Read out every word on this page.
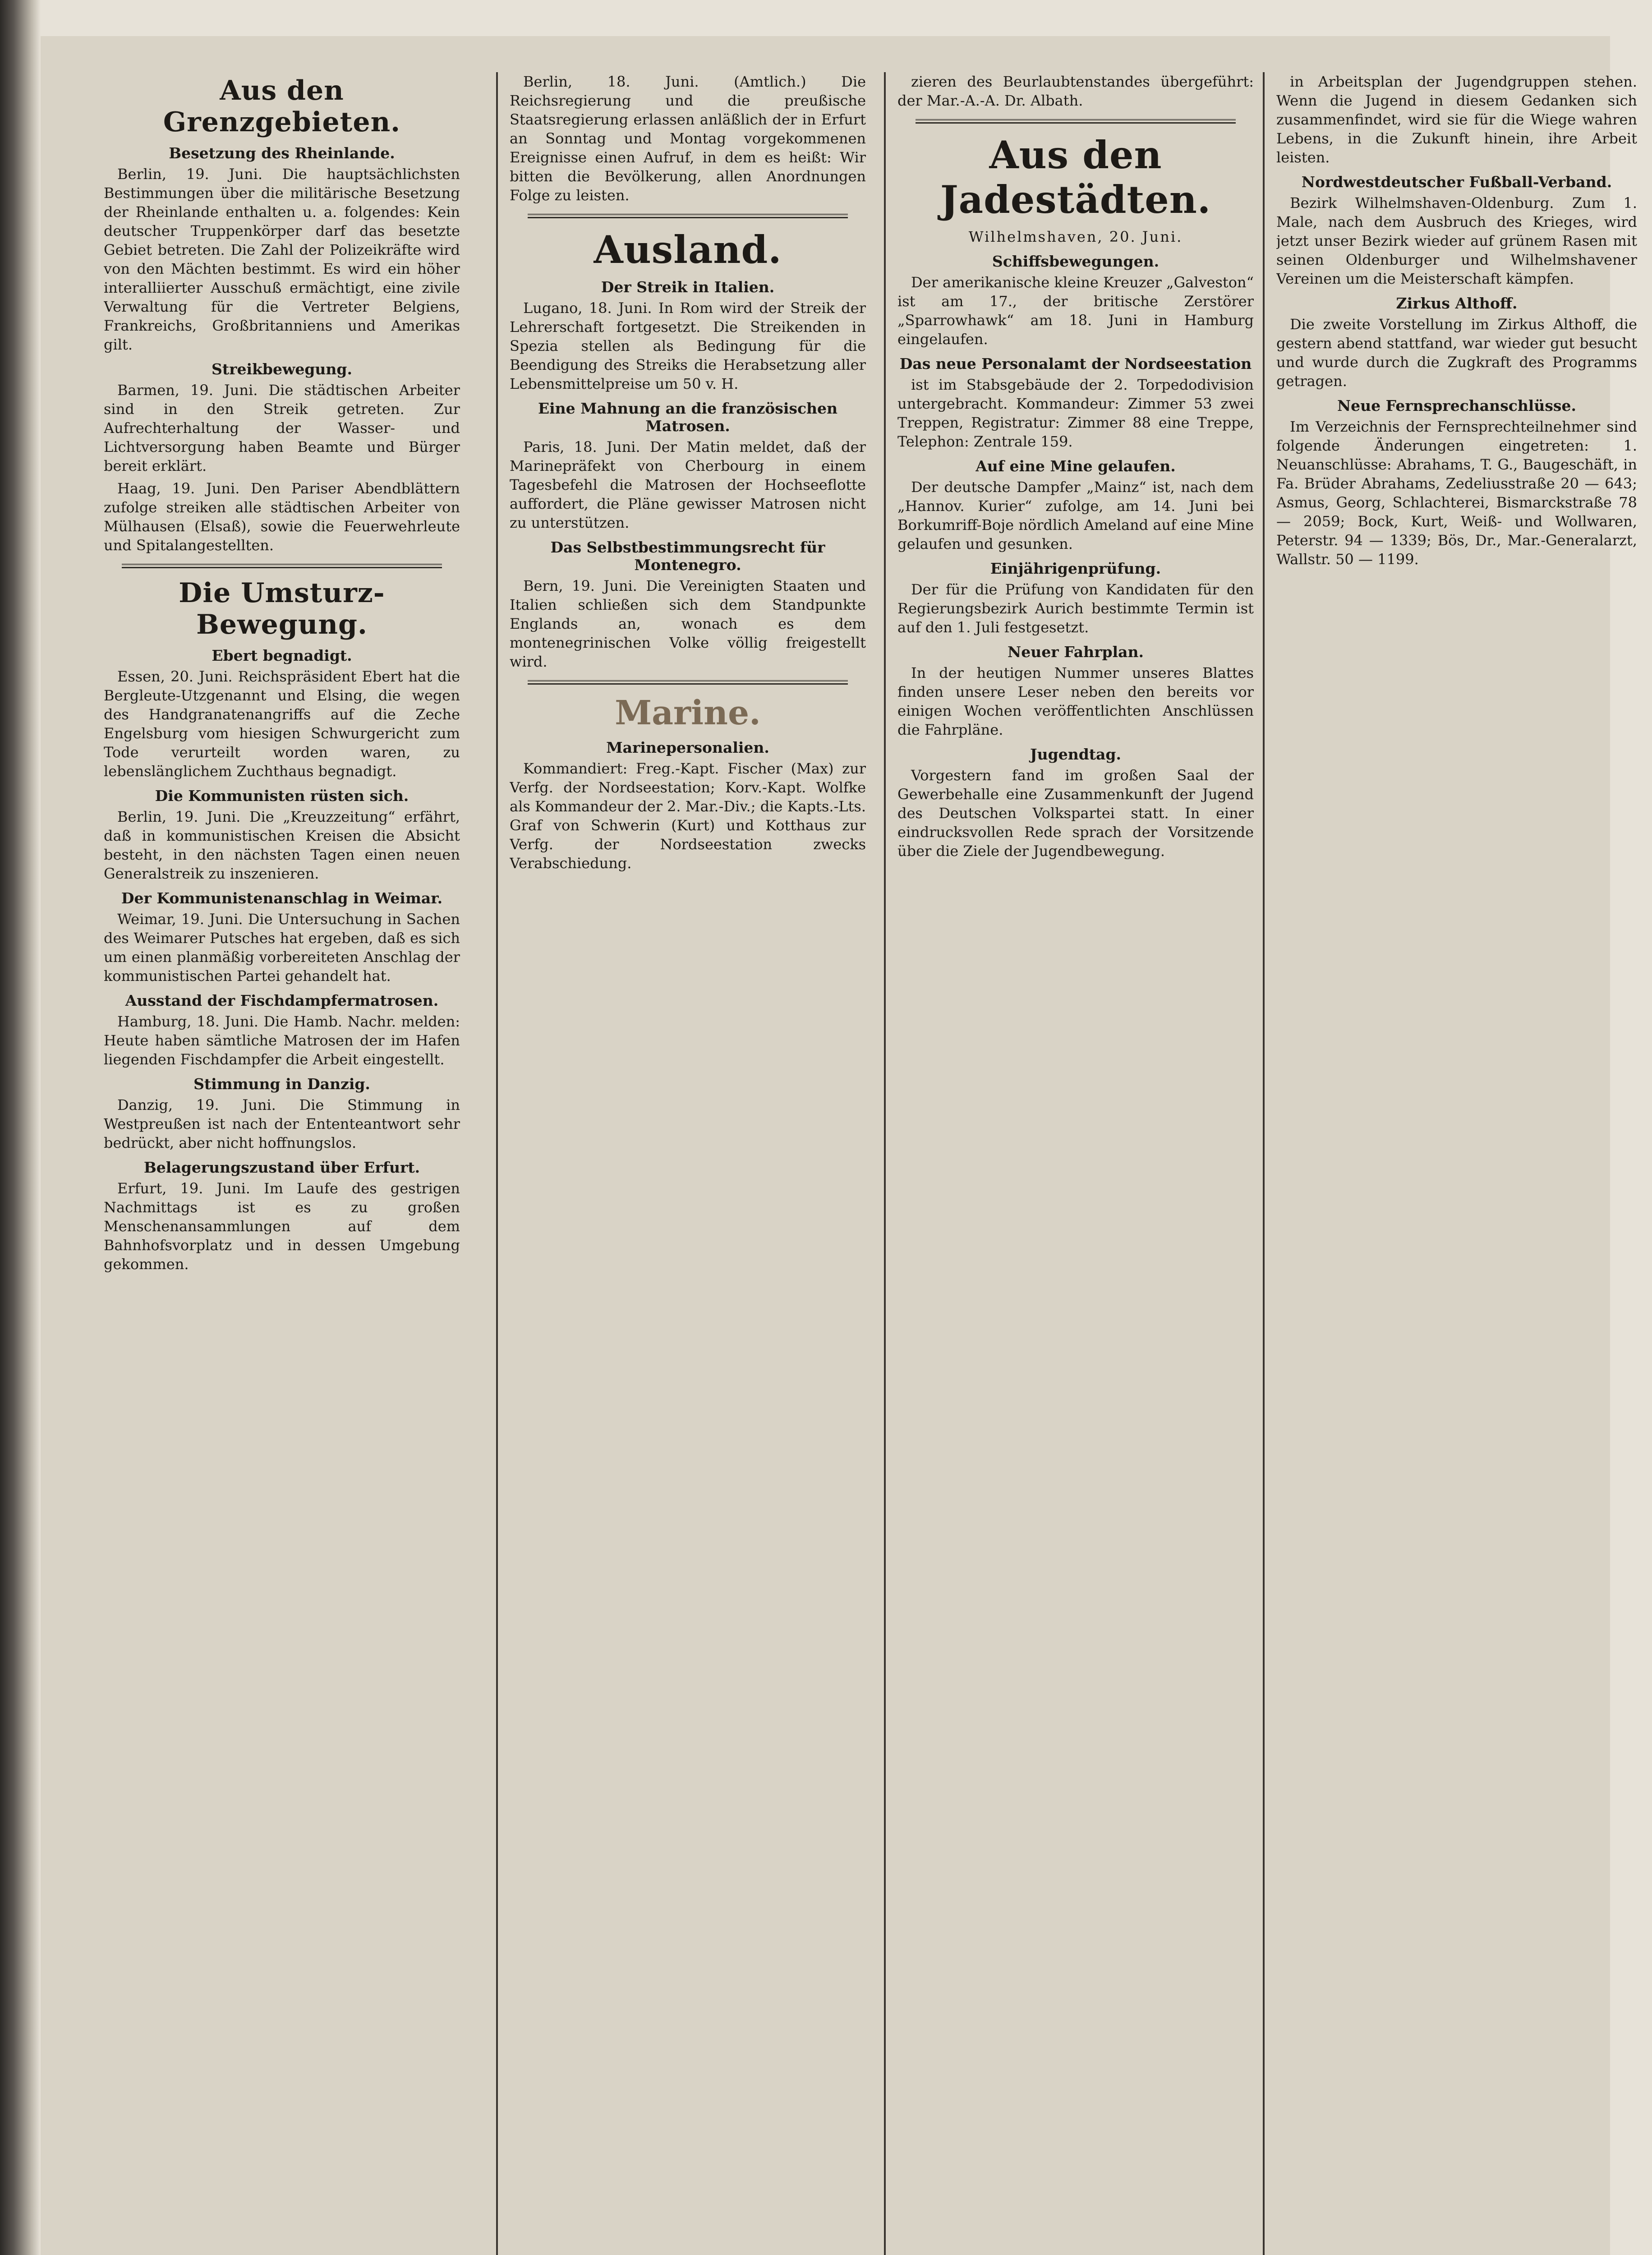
Aus den Grenzgebieten.
Besetzung des Rheinlande.

Berlin, 19. Juni. Die hauptsächlichsten Bestimmungen über die militärische Besetzung der Rheinlande enthalten u. a. folgendes: Kein deutscher Truppenkörper darf das besetzte Gebiet betreten. Die Zahl der Polizeikräfte wird von den Mächten bestimmt. Es wird ein höher interalliierter Ausschuß ermächtigt, eine zivile Verwaltung für die Vertreter Belgiens, Frankreichs, Großbritanniens und Amerikas gilt.

Streikbewegung.

Barmen, 19. Juni. Die städtischen Arbeiter sind in den Streik getreten. Zur Aufrechterhaltung der Wasser- und Lichtversorgung haben Beamte und Bürger bereit erklärt.

Haag, 19. Juni. Den Pariser Abendblättern zufolge streiken alle städtischen Arbeiter von Mülhausen (Elsaß), sowie die Feuerwehrleute und Spitalangestellten.

Die Umsturz-Bewegung.
Ebert begnadigt.

Essen, 20. Juni. Reichspräsident Ebert hat die Bergleute-Utzgenannt und Elsing, die wegen des Handgranatenangriffs auf die Zeche Engelsburg vom hiesigen Schwurgericht zum Tode verurteilt worden waren, zu lebenslänglichem Zuchthaus begnadigt.

Die Kommunisten rüsten sich.

Berlin, 19. Juni. Die „Kreuzzeitung“ erfährt, daß in kommunistischen Kreisen die Absicht besteht, in den nächsten Tagen einen neuen Generalstreik zu inszenieren.

Der Kommunistenanschlag in Weimar.

Weimar, 19. Juni. Die Untersuchung in Sachen des Weimarer Putsches hat ergeben, daß es sich um einen planmäßig vorbereiteten Anschlag der kommunistischen Partei gehandelt hat.

Ausstand der Fischdampfermatrosen.

Hamburg, 18. Juni. Die Hamb. Nachr. melden: Heute haben sämtliche Matrosen der im Hafen liegenden Fischdampfer die Arbeit eingestellt.

Stimmung in Danzig.

Danzig, 19. Juni. Die Stimmung in Westpreußen ist nach der Ententeantwort sehr bedrückt, aber nicht hoffnungslos.

Belagerungszustand über Erfurt.

Erfurt, 19. Juni. Im Laufe des gestrigen Nachmittags ist es zu großen Menschenansammlungen auf dem Bahnhofsvorplatz und in dessen Umgebung gekommen.

Berlin, 18. Juni. (Amtlich.) Die Reichsregierung und die preußische Staatsregierung erlassen anläßlich der in Erfurt an Sonntag und Montag vorgekommenen Ereignisse einen Aufruf, in dem es heißt: Wir bitten die Bevölkerung, allen Anordnungen Folge zu leisten.

Ausland.
Der Streik in Italien.

Lugano, 18. Juni. In Rom wird der Streik der Lehrerschaft fortgesetzt. Die Streikenden in Spezia stellen als Bedingung für die Beendigung des Streiks die Herabsetzung aller Lebensmittelpreise um 50 v. H.

Eine Mahnung an die französischen Matrosen.

Paris, 18. Juni. Der Matin meldet, daß der Marinepräfekt von Cherbourg in einem Tagesbefehl die Matrosen der Hochseeflotte auffordert, die Pläne gewisser Matrosen nicht zu unterstützen.

Das Selbstbestimmungsrecht für Montenegro.

Bern, 19. Juni. Die Vereinigten Staaten und Italien schließen sich dem Standpunkte Englands an, wonach es dem montenegrinischen Volke völlig freigestellt wird.

Marine.
Marinepersonalien.

Kommandiert: Freg.-Kapt. Fischer (Max) zur Verfg. der Nordseestation; Korv.-Kapt. Wolfke als Kommandeur der 2. Mar.-Div.; die Kapts.-Lts. Graf von Schwerin (Kurt) und Kotthaus zur Verfg. der Nordseestation zwecks Verabschiedung.

zieren des Beurlaubtenstandes übergeführt: der Mar.-A.-A. Dr. Albath.

Aus den Jadestädten.
Wilhelmshaven, 20. Juni.
Schiffsbewegungen.

Der amerikanische kleine Kreuzer „Galveston“ ist am 17., der britische Zerstörer „Sparrowhawk“ am 18. Juni in Hamburg eingelaufen.

Das neue Personalamt der Nordseestation

ist im Stabsgebäude der 2. Torpedodivision untergebracht. Kommandeur: Zimmer 53 zwei Treppen, Registratur: Zimmer 88 eine Treppe, Telephon: Zentrale 159.

Auf eine Mine gelaufen.

Der deutsche Dampfer „Mainz“ ist, nach dem „Hannov. Kurier“ zufolge, am 14. Juni bei Borkumriff-Boje nördlich Ameland auf eine Mine gelaufen und gesunken.

Einjährigenprüfung.

Der für die Prüfung von Kandidaten für den Regierungsbezirk Aurich bestimmte Termin ist auf den 1. Juli festgesetzt.

Neuer Fahrplan.

In der heutigen Nummer unseres Blattes finden unsere Leser neben den bereits vor einigen Wochen veröffentlichten Anschlüssen die Fahrpläne.

Jugendtag.

Vorgestern fand im großen Saal der Gewerbehalle eine Zusammenkunft der Jugend des Deutschen Volkspartei statt. In einer eindrucksvollen Rede sprach der Vorsitzende über die Ziele der Jugendbewegung.

in Arbeitsplan der Jugendgruppen stehen. Wenn die Jugend in diesem Gedanken sich zusammenfindet, wird sie für die Wiege wahren Lebens, in die Zukunft hinein, ihre Arbeit leisten.

Nordwestdeutscher Fußball-Verband.

Bezirk Wilhelmshaven-Oldenburg. Zum 1. Male, nach dem Ausbruch des Krieges, wird jetzt unser Bezirk wieder auf grünem Rasen mit seinen Oldenburger und Wilhelmshavener Vereinen um die Meisterschaft kämpfen.

Zirkus Althoff.

Die zweite Vorstellung im Zirkus Althoff, die gestern abend stattfand, war wieder gut besucht und wurde durch die Zugkraft des Programms getragen.

Neue Fernsprechanschlüsse.

Im Verzeichnis der Fernsprechteilnehmer sind folgende Änderungen eingetreten: 1. Neuanschlüsse: Abrahams, T. G., Baugeschäft, in Fa. Brüder Abrahams, Zedeliusstraße 20 — 643; Asmus, Georg, Schlachterei, Bismarckstraße 78 — 2059; Bock, Kurt, Weiß- und Wollwaren, Peterstr. 94 — 1339; Bös, Dr., Mar.-Generalarzt, Wallstr. 50 — 1199.
